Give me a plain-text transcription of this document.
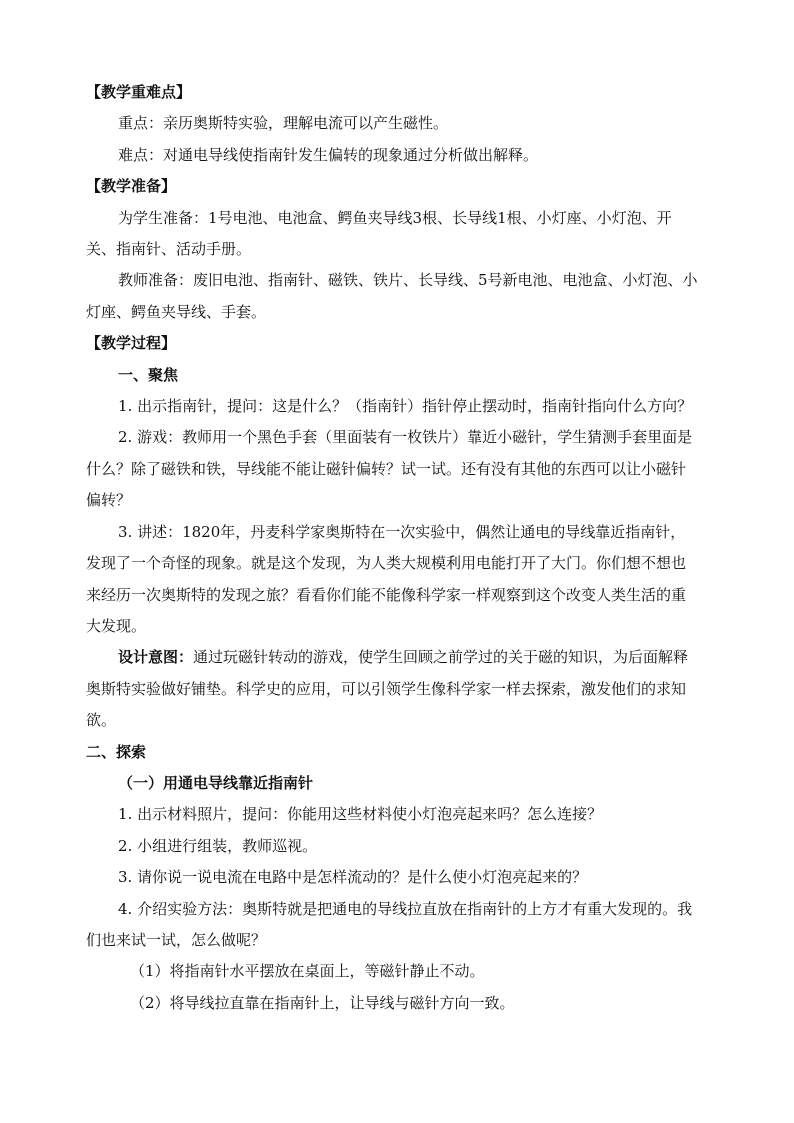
【教学重难点】

重点：亲历奥斯特实验，理解电流可以产生磁性。

难点：对通电导线使指南针发生偏转的现象通过分析做出解释。

【教学准备】

为学生准备：1号电池、电池盒、鳄鱼夹导线3根、长导线1根、小灯座、小灯泡、开关、指南针、活动手册。

教师准备：废旧电池、指南针、磁铁、铁片、长导线、5号新电池、电池盒、小灯泡、小灯座、鳄鱼夹导线、手套。

【教学过程】

一、聚焦

1. 出示指南针，提问：这是什么？（指南针）指针停止摆动时，指南针指向什么方向？

2. 游戏：教师用一个黑色手套（里面装有一枚铁片）靠近小磁针，学生猜测手套里面是什么？除了磁铁和铁，导线能不能让磁针偏转？试一试。还有没有其他的东西可以让小磁针偏转？

3. 讲述：1820年，丹麦科学家奥斯特在一次实验中，偶然让通电的导线靠近指南针，发现了一个奇怪的现象。就是这个发现，为人类大规模利用电能打开了大门。你们想不想也来经历一次奥斯特的发现之旅？看看你们能不能像科学家一样观察到这个改变人类生活的重大发现。

设计意图：通过玩磁针转动的游戏，使学生回顾之前学过的关于磁的知识，为后面解释奥斯特实验做好铺垫。科学史的应用，可以引领学生像科学家一样去探索，激发他们的求知欲。

二、探索

（一）用通电导线靠近指南针

1. 出示材料照片，提问：你能用这些材料使小灯泡亮起来吗？怎么连接？

2. 小组进行组装，教师巡视。

3. 请你说一说电流在电路中是怎样流动的？是什么使小灯泡亮起来的？

4. 介绍实验方法：奥斯特就是把通电的导线拉直放在指南针的上方才有重大发现的。我们也来试一试，怎么做呢？

（1）将指南针水平摆放在桌面上，等磁针静止不动。

（2）将导线拉直靠在指南针上，让导线与磁针方向一致。
